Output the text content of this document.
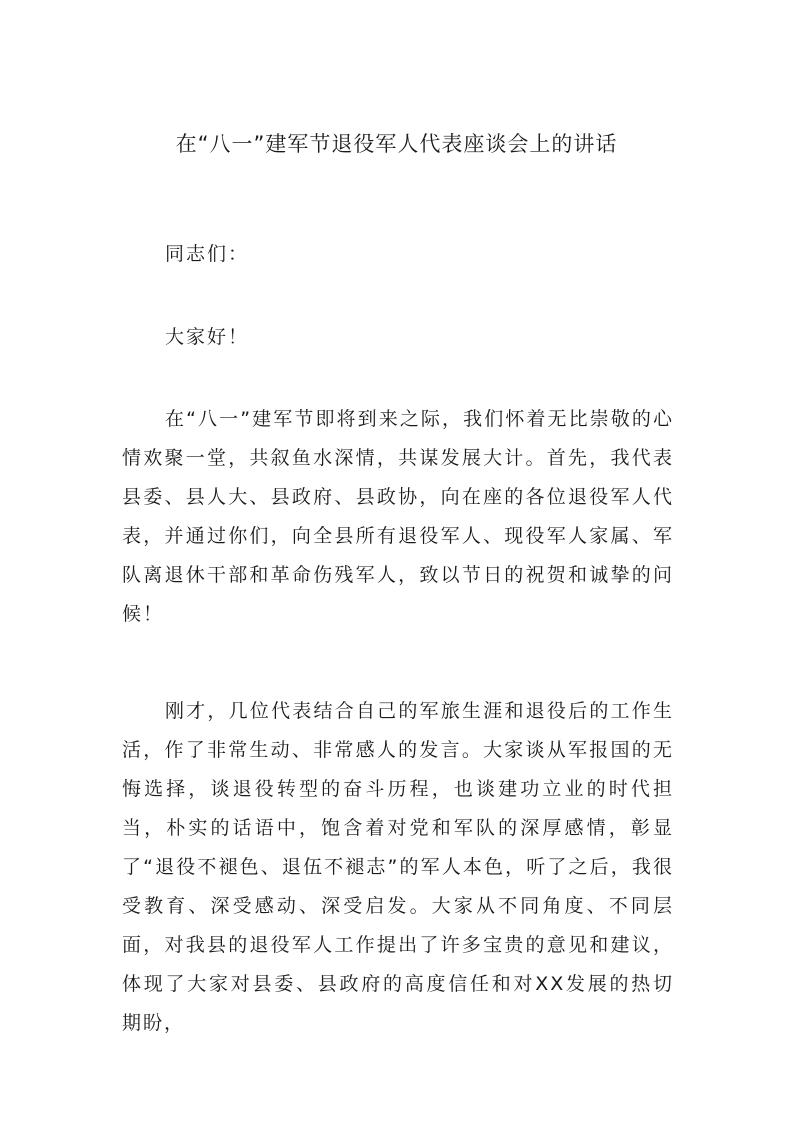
在“八一”建军节退役军人代表座谈会上的讲话

同志们：

大家好！

在“八一”建军节即将到来之际，我们怀着无比崇敬的心情欢聚一堂，共叙鱼水深情，共谋发展大计。首先，我代表县委、县人大、县政府、县政协，向在座的各位退役军人代表，并通过你们，向全县所有退役军人、现役军人家属、军队离退休干部和革命伤残军人，致以节日的祝贺和诚挚的问候！

刚才，几位代表结合自己的军旅生涯和退役后的工作生活，作了非常生动、非常感人的发言。大家谈从军报国的无悔选择，谈退役转型的奋斗历程，也谈建功立业的时代担当，朴实的话语中，饱含着对党和军队的深厚感情，彰显了“退役不褪色、退伍不褪志”的军人本色，听了之后，我很受教育、深受感动、深受启发。大家从不同角度、不同层面，对我县的退役军人工作提出了许多宝贵的意见和建议，体现了大家对县委、县政府的高度信任和对XX发展的热切期盼，
